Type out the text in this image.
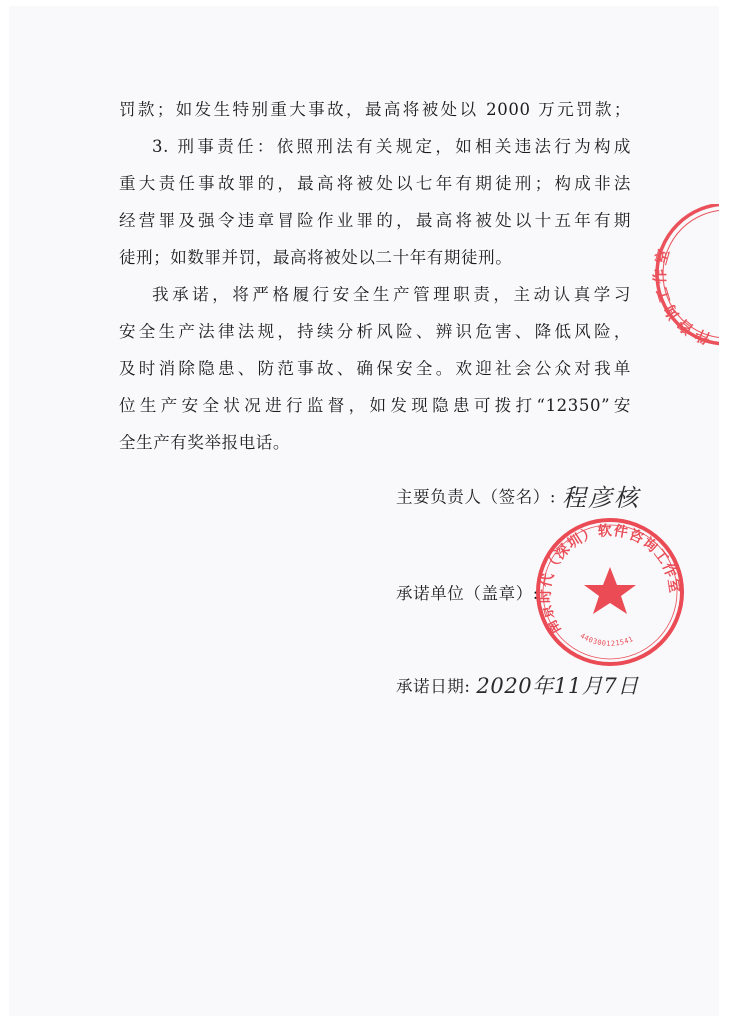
罚款；如发生特别重大事故，最高将被处以 2000 万元罚款；
3. 刑事责任：依照刑法有关规定，如相关违法行为构成
重大责任事故罪的，最高将被处以七年有期徒刑；构成非法
经营罪及强令违章冒险作业罪的，最高将被处以十五年有期
徒刑；如数罪并罚，最高将被处以二十年有期徒刑。
我承诺，将严格履行安全生产管理职责，主动认真学习
安全生产法律法规，持续分析风险、辨识危害、降低风险，
及时消除隐患、防范事故、确保安全。欢迎社会公众对我单
位生产安全状况进行监督，如发现隐患可拨打“12350”安
全生产有奖举报电话。
主要负责人（签名）: 程彦核
承诺单位（盖章）:
承诺日期: 2020年11月7日
件咨询工作室
南京时代（深圳）软件咨询工作室
440300121541
